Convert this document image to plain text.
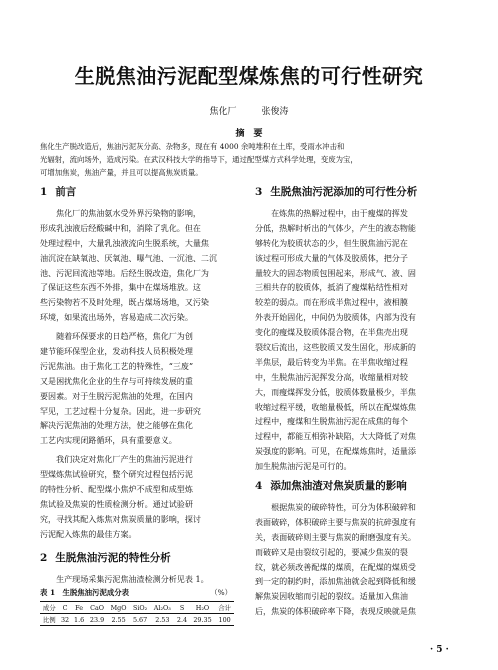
生脱焦油污泥配型煤炼焦的可行性研究
焦化厂	张俊涛
摘　要
焦化生产脱改造后，焦油污泥灰分高、杂物多，现在有 4000 余吨堆积在土库，受雨水冲击和
光辐射，流向场外，造成污染。在武汉科技大学的指导下，通过配型煤方式科学处理，变废为宝，
可增加焦炭，焦油产量，并且可以提高焦炭质量。
1 前言
焦化厂的焦油氨水受外界污染物的影响，
形成乳浊液后经酸碱中和，消除了乳化。但在
处理过程中，大量乳浊液流向生脱系统，大量焦
油沉淀在缺氧池、厌氧池、曝气池、一沉池、二沉
池、污泥回流池等地。后经生脱改造，焦化厂为
了保证这些东西不外排，集中在煤场堆放。这
些污染物若不及时处理，既占煤场场地，又污染
环境，如果流出场外，容易造成二次污染。
随着环保要求的日趋严格，焦化厂为创
建节能环保型企业，发动科技人员积极处理
污泥焦油。由于焦化工艺的特殊性，“三废”
又是困扰焦化企业的生存与可持续发展的重
要因素。对于生脱污泥焦油的处理，在国内
罕见，工艺过程十分复杂。因此，进一步研究
解决污泥焦油的处理方法，使之能够在焦化
工艺内实现闭路循环，具有重要意义。
我们决定对焦化厂产生的焦油污泥进行
型煤炼焦试验研究，整个研究过程包括污泥
的特性分析、配型煤小焦炉不成型和成型炼
焦试验及焦炭的性质检测分析。通过试验研
究，寻找其配入炼焦对焦炭质量的影响，探讨
污泥配入炼焦的最佳方案。
2 生脱焦油污泥的特性分析
生产现场采集污泥焦油渣检测分析见表 1。
表 1　生脱焦油污泥成分表	（%）
成分	C	Fe	CaO	MgO	SiO₂	Al₂O₃	S	H₂O	合计
比例	32	1.6	23.9	2.55	5.67	2.53	2.4	29.35	100
3 生脱焦油污泥添加的可行性分析
在炼焦的热解过程中，由于瘦煤的挥发
分低，热解时析出的气体少，产生的液态物能
够转化为胶质状态的少，但生脱焦油污泥在
该过程可形成大量的气体及胶质体，把分子
量较大的固态物质包围起来，形成气、液、固
三相共存的胶质体，抵消了瘦煤粘结性相对
较差的弱点。而在形成半焦过程中，液相膜
外表开始固化，中间仍为胶质体，内部为没有
变化的瘦煤及胶质体混合物，在半焦壳出现
裂纹后流出，这些胶质又发生固化，形成新的
半焦层，最后转变为半焦。在半焦收缩过程
中，生脱焦油污泥挥发分高，收缩量相对较
大，而瘦煤挥发分低，胶质体数量极少，半焦
收缩过程平缓，收缩量极低，所以在配煤炼焦
过程中，瘦煤和生脱焦油污泥在成焦的每个
过程中，都能互相弥补缺陷，大大降低了对焦
炭强度的影响。可见，在配煤炼焦时，适量添
加生脱焦油污泥是可行的。
4 添加焦油渣对焦炭质量的影响
根据焦炭的破碎特性，可分为体积破碎和
表面破碎，体积破碎主要与焦炭的抗碎强度有
关，表面破碎则主要与焦炭的耐磨强度有关。
而破碎又是由裂纹引起的，要减少焦炭的裂
纹，就必须改善配煤的煤质，在配煤的煤质受
到一定的制约时，添加焦油就会起到降低和缓
解焦炭因收缩而引起的裂纹。适量加入焦油
后，焦炭的体积破碎率下降，表现反映就是焦
· 5 ·
